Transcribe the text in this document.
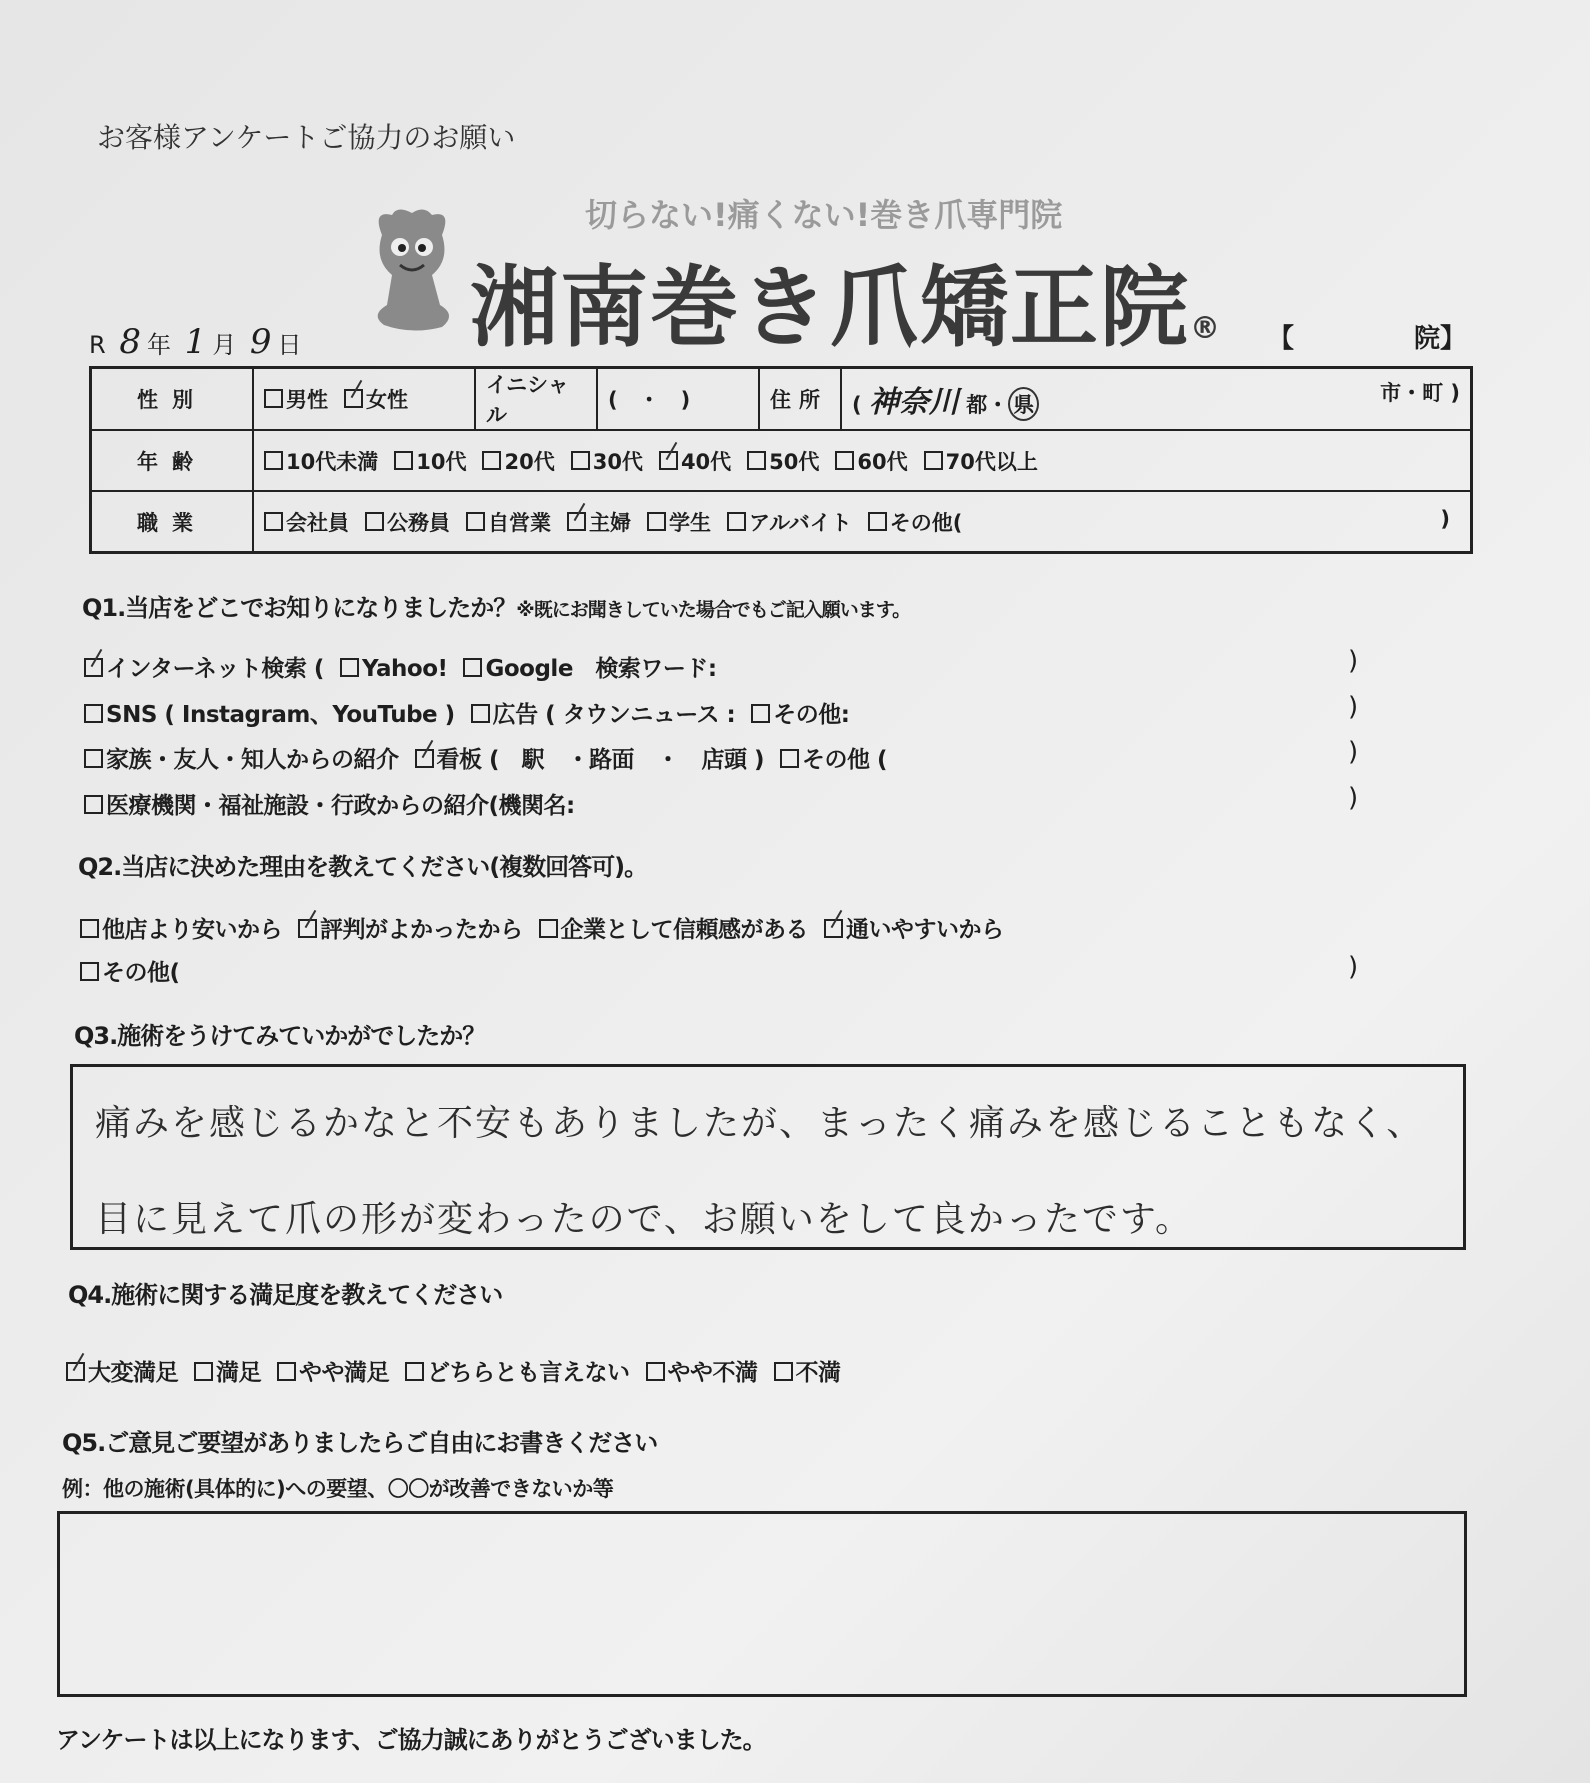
お客様アンケートご協力のお願い
切らない!痛くない!巻き爪専門院
湘南巻き爪矯正院® 【	院】
R 8 年 1 月 9 日
性別	男性 女性	イニシャル	(　・　)	住所	( 神奈川 都・ 県 市・町 )

年齢	10代未満 10代 20代 30代 40代 50代 60代 70代以上				
職業	会社員 公務員 自営業 主婦 学生 アルバイト その他( )				
Q1.当店をどこでお知りになりましたか？※既にお聞きしていた場合でもご記入願います。
インターネット検索 ( Yahoo! Google　検索ワード:
SNS ( Instagram、YouTube ) 広告 ( タウンニュース : その他:
家族・友人・知人からの紹介 看板 (　駅　・路面　・　店頭 ) その他 (
医療機関・福祉施設・行政からの紹介(機関名:
)
)
)
)
Q2.当店に決めた理由を教えてください(複数回答可)。
他店より安いから 評判がよかったから 企業として信頼感がある 通いやすいから
その他(	)
Q3.施術をうけてみていかがでしたか？
痛みを感じるかなと不安もありましたが、まったく痛みを感じることもなく、
目に見えて爪の形が変わったので、お願いをして良かったです。
Q4.施術に関する満足度を教えてください
大変満足 満足 やや満足 どちらとも言えない やや不満 不満
Q5.ご意見ご要望がありましたらご自由にお書きください
例：他の施術(具体的に)への要望、〇〇が改善できないか等
アンケートは以上になります、ご協力誠にありがとうございました。
